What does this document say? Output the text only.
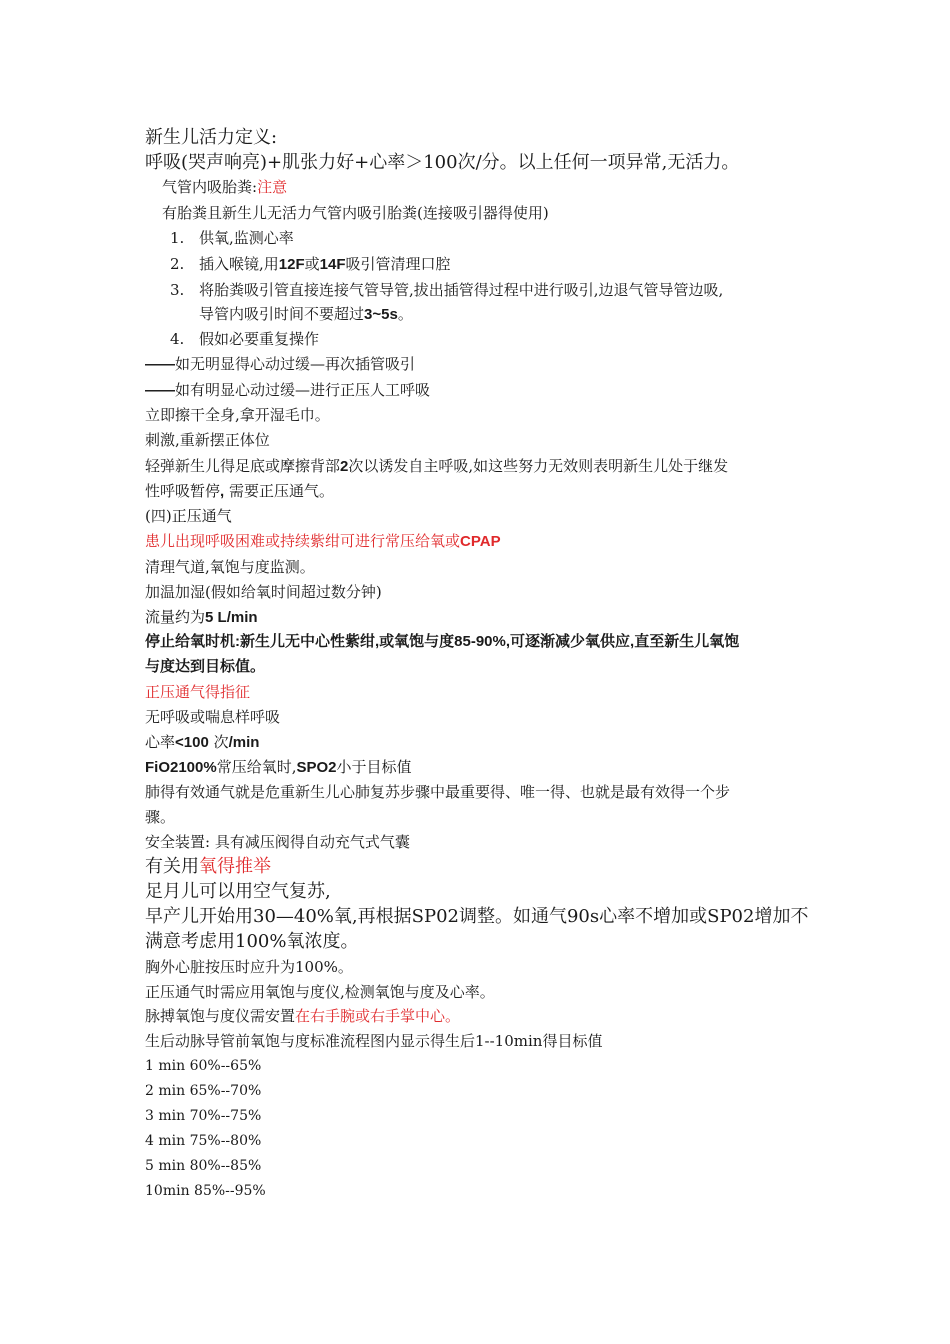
新生儿活力定义:
呼吸(哭声响亮)+肌张力好+心率＞100次/分。以上任何一项异常,无活力。
气管内吸胎粪:注意
有胎粪且新生儿无活力气管内吸引胎粪(连接吸引器得使用)
1. 供氧,监测心率
2. 插入喉镜,用12F或14F吸引管清理口腔
3. 将胎粪吸引管直接连接气管导管,拔出插管得过程中进行吸引,边退气管导管边吸,
导管内吸引时间不要超过3~5s。
4. 假如必要重复操作
——如无明显得心动过缓—再次插管吸引
——如有明显心动过缓—进行正压人工呼吸
立即擦干全身,拿开湿毛巾。
刺激,重新摆正体位
轻弹新生儿得足底或摩擦背部2次以诱发自主呼吸,如这些努力无效则表明新生儿处于继发
性呼吸暂停, 需要正压通气。
(四)正压通气
患儿出现呼吸困难或持续紫绀可进行常压给氧或CPAP
清理气道,氧饱与度监测。
加温加湿(假如给氧时间超过数分钟)
流量约为5 L/min
停止给氧时机:新生儿无中心性紫绀,或氧饱与度85-90%,可逐渐减少氧供应,直至新生儿氧饱
与度达到目标值。
正压通气得指征
无呼吸或喘息样呼吸
心率<100 次/min
FiO2100%常压给氧时,SPO2小于目标值
肺得有效通气就是危重新生儿心肺复苏步骤中最重要得、唯一得、也就是最有效得一个步
骤。
安全装置: 具有减压阀得自动充气式气囊
有关用氧得推举
足月儿可以用空气复苏,
早产儿开始用30—40%氧,再根据SP02调整。如通气90s心率不增加或SP02增加不
满意考虑用100%氧浓度。
胸外心脏按压时应升为100%。
正压通气时需应用氧饱与度仪,检测氧饱与度及心率。
脉搏氧饱与度仪需安置在右手腕或右手掌中心。
生后动脉导管前氧饱与度标准流程图内显示得生后1--10min得目标值
1 min 60%--65%
2 min 65%--70%
3 min 70%--75%
4 min 75%--80%
5 min 80%--85%
10min 85%--95%
